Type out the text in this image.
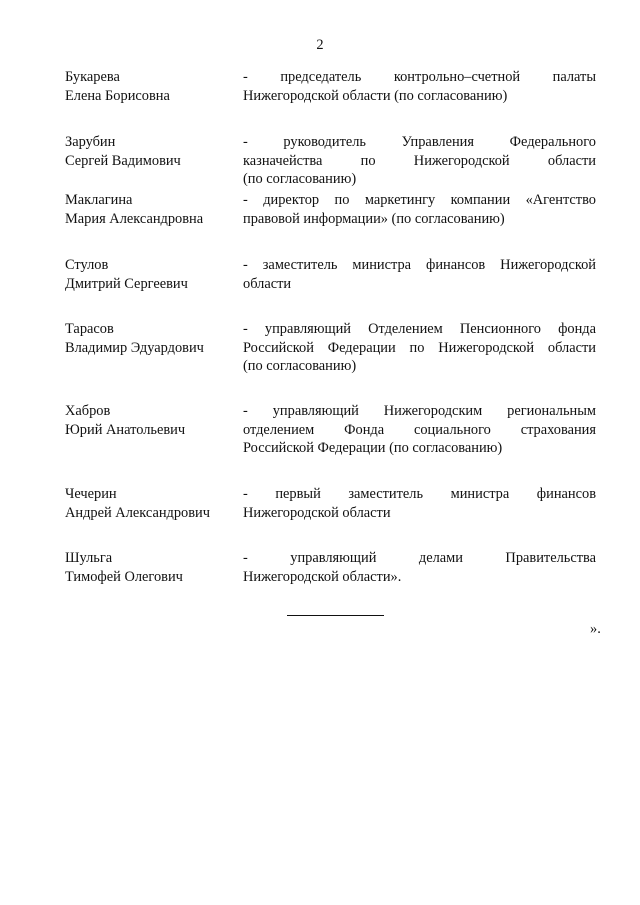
2
Букарева
Елена Борисовна
- председатель контрольно–счетной палаты
Нижегородской области (по согласованию)
Зарубин
Сергей Вадимович
- руководитель Управления Федерального
казначейства по Нижегородской области
(по согласованию)
Маклагина
Мария Александровна
- директор по маркетингу компании «Агентство
правовой информации» (по согласованию)
Стулов
Дмитрий Сергеевич
- заместитель министра финансов Нижегородской
области
Тарасов
Владимир Эдуардович
- управляющий Отделением Пенсионного фонда
Российской Федерации по Нижегородской области
(по согласованию)
Хабров
Юрий Анатольевич
- управляющий Нижегородским региональным
отделением Фонда социального страхования
Российской Федерации (по согласованию)
Чечерин
Андрей Александрович
- первый заместитель министра финансов
Нижегородской области
Шульга
Тимофей Олегович
- управляющий делами Правительства
Нижегородской области».
».
